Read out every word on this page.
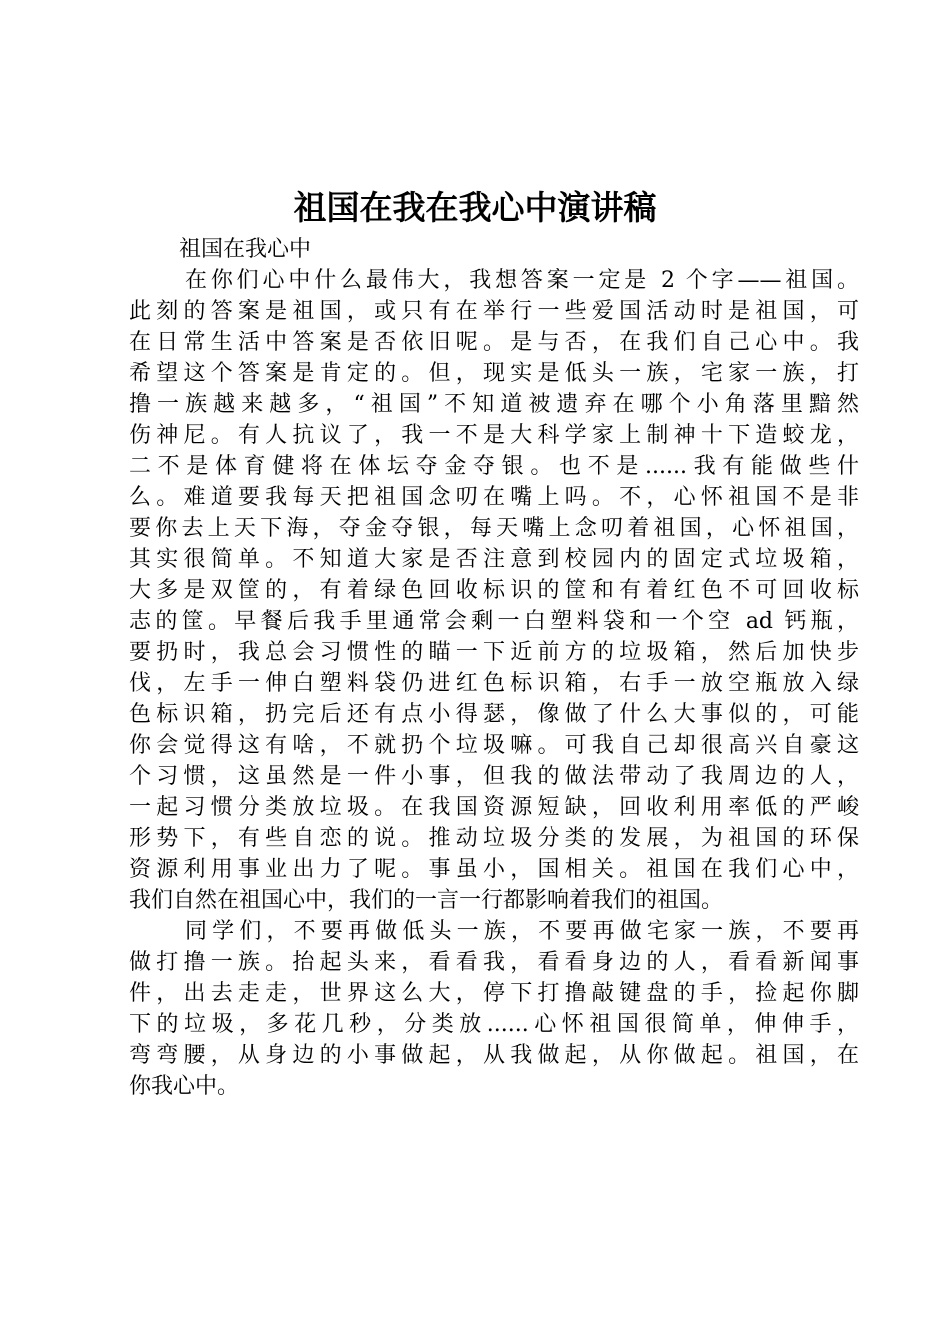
祖国在我在我心中演讲稿
祖国在我心中
在你们心中什么最伟大，我想答案一定是 2 个字——祖国。
此刻的答案是祖国，或只有在举行一些爱国活动时是祖国，可
在日常生活中答案是否依旧呢。是与否，在我们自己心中。我
希望这个答案是肯定的。但，现实是低头一族，宅家一族，打
撸一族越来越多，“祖国”不知道被遗弃在哪个小角落里黯然
伤神尼。有人抗议了，我一不是大科学家上制神十下造蛟龙，
二不是体育健将在体坛夺金夺银。也不是......我有能做些什
么。难道要我每天把祖国念叨在嘴上吗。不，心怀祖国不是非
要你去上天下海，夺金夺银，每天嘴上念叨着祖国，心怀祖国，
其实很简单。不知道大家是否注意到校园内的固定式垃圾箱，
大多是双筐的，有着绿色回收标识的筐和有着红色不可回收标
志的筐。早餐后我手里通常会剩一白塑料袋和一个空 ad 钙瓶，
要扔时，我总会习惯性的瞄一下近前方的垃圾箱，然后加快步
伐，左手一伸白塑料袋仍进红色标识箱，右手一放空瓶放入绿
色标识箱，扔完后还有点小得瑟，像做了什么大事似的，可能
你会觉得这有啥，不就扔个垃圾嘛。可我自己却很高兴自豪这
个习惯，这虽然是一件小事，但我的做法带动了我周边的人，
一起习惯分类放垃圾。在我国资源短缺，回收利用率低的严峻
形势下，有些自恋的说。推动垃圾分类的发展，为祖国的环保
资源利用事业出力了呢。事虽小，国相关。祖国在我们心中，
我们自然在祖国心中，我们的一言一行都影响着我们的祖国。
同学们，不要再做低头一族，不要再做宅家一族，不要再
做打撸一族。抬起头来，看看我，看看身边的人，看看新闻事
件，出去走走，世界这么大，停下打撸敲键盘的手，捡起你脚
下的垃圾，多花几秒，分类放......心怀祖国很简单，伸伸手，
弯弯腰，从身边的小事做起，从我做起，从你做起。祖国，在
你我心中。
